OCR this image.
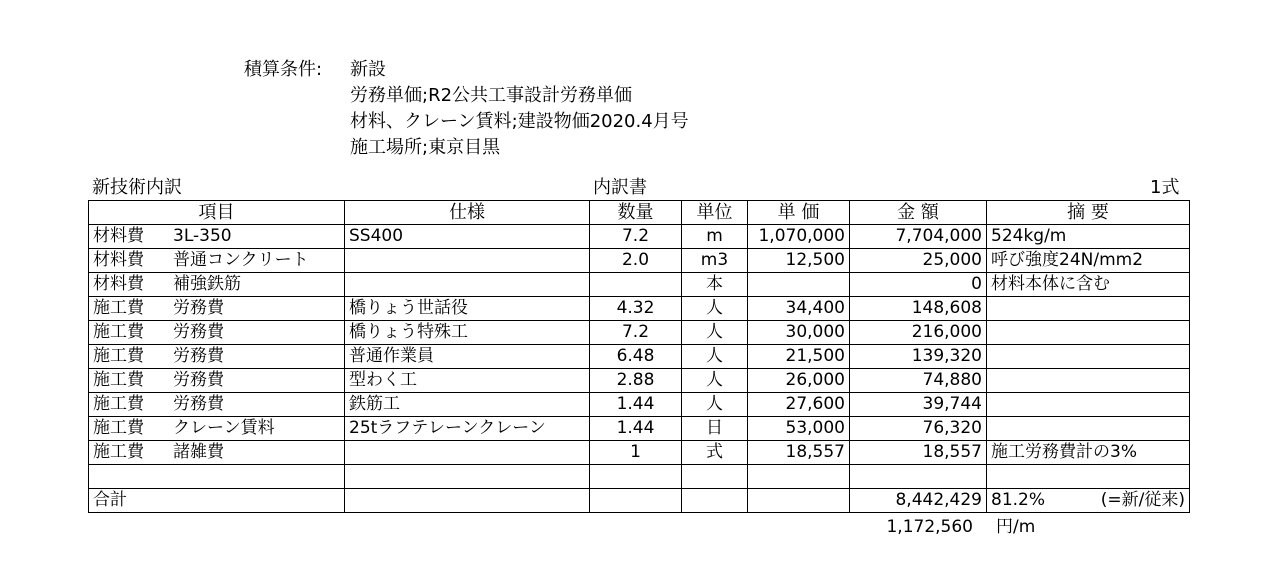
積算条件: 新設
労務単価;R2公共工事設計労務単価
材料、クレーン賃料;建設物価2020.4月号
施工場所;東京目黒
新技術内訳	内訳書	1式
項目	仕様	数量	単位	単 価	金 額	摘 要
材料費 3L-350	SS400	7.2	m	1,070,000	7,704,000	524kg/m
材料費 普通コンクリート		2.0	m3	12,500	25,000	呼び強度24N/mm2
材料費 補強鉄筋			本		0	材料本体に含む
施工費 労務費	橋りょう世話役	4.32	人	34,400	148,608	
施工費 労務費	橋りょう特殊工	7.2	人	30,000	216,000	
施工費 労務費	普通作業員	6.48	人	21,500	139,320	
施工費 労務費	型わく工	2.88	人	26,000	74,880	
施工費 労務費	鉄筋工	1.44	人	27,600	39,744	
施工費 クレーン賃料	25tラフテレーンクレーン	1.44	日	53,000	76,320	
施工費 諸雑費		1	式	18,557	18,557	施工労務費計の3%

合計					8,442,429	81.2% (=新/従来)
1,172,560 円/m
